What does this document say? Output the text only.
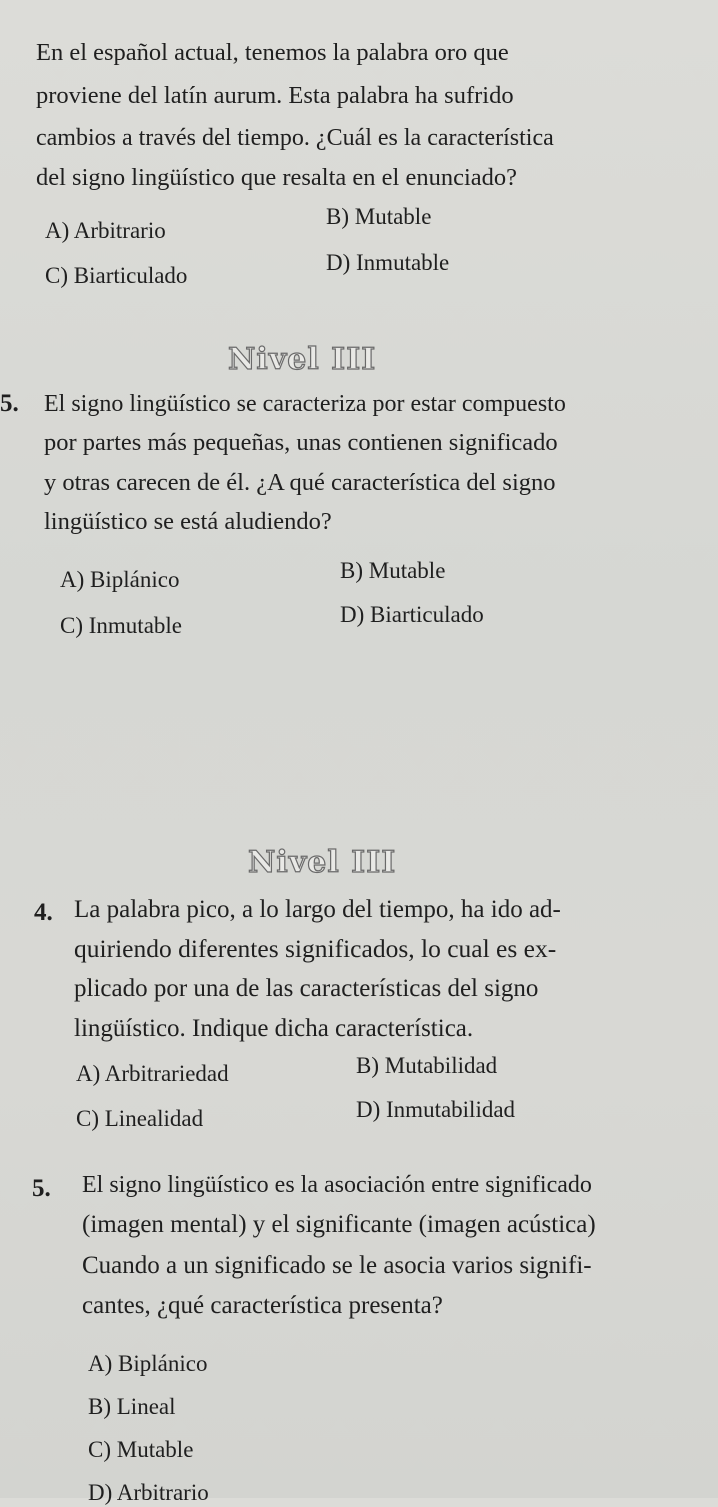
En el español actual, tenemos la palabra oro que
proviene del latín aurum. Esta palabra ha sufrido
cambios a través del tiempo. ¿Cuál es la característica
del signo lingüístico que resalta en el enunciado?
A) Arbitrario
B) Mutable
C) Biarticulado
D) Inmutable
Nivel III
5. El signo lingüístico se caracteriza por estar compuesto
por partes más pequeñas, unas contienen significado
y otras carecen de él. ¿A qué característica del signo
lingüístico se está aludiendo?
A) Biplánico	B) Mutable
C) Inmutable	D) Biarticulado
Nivel III
4. La palabra pico, a lo largo del tiempo, ha ido ad-
quiriendo diferentes significados, lo cual es ex-
plicado por una de las características del signo
lingüístico. Indique dicha característica.
A) Arbitrariedad	B) Mutabilidad
C) Linealidad	D) Inmutabilidad
5. El signo lingüístico es la asociación entre significado
(imagen mental) y el significante (imagen acústica)
Cuando a un significado se le asocia varios signifi-
cantes, ¿qué característica presenta?
A) Biplánico
B) Lineal
C) Mutable
D) Arbitrario
